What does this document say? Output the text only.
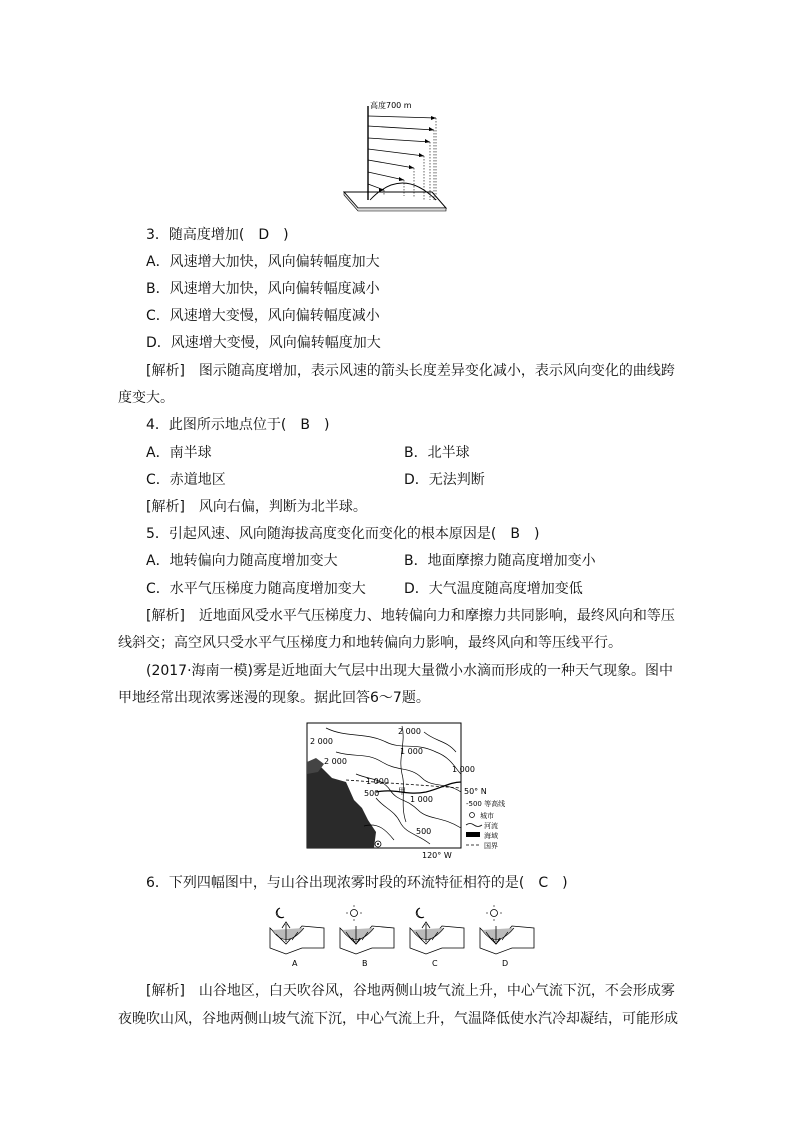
高度700 m
3．随高度增加(　D　)
A．风速增大加快，风向偏转幅度加大
B．风速增大加快，风向偏转幅度减小
C．风速增大变慢，风向偏转幅度减小
D．风速增大变慢，风向偏转幅度加大
[解析]　图示随高度增加，表示风速的箭头长度差异变化减小，表示风向变化的曲线跨
度变大。
4．此图所示地点位于(　B　)
A．南半球	B．北半球
C．赤道地区	D．无法判断
[解析]　风向右偏，判断为北半球。
5．引起风速、风向随海拔高度变化而变化的根本原因是(　B　)
A．地转偏向力随高度增加变大	B．地面摩擦力随高度增加变小
C．水平气压梯度力随高度增加变大	D．大气温度随高度增加变低
[解析]　近地面风受水平气压梯度力、地转偏向力和摩擦力共同影响，最终风向和等压
线斜交；高空风只受水平气压梯度力和地转偏向力影响，最终风向和等压线平行。
(2017·海南一模)雾是近地面大气层中出现大量微小水滴而形成的一种天气现象。图中
甲地经常出现浓雾迷漫的现象。据此回答6～7题。
2 000
2 000
2 000
1 000
1 000
1 000
500
500
1 000
甲	50° N
120° W
-500 等高线
城市
河流
海域
国界
6．下列四幅图中，与山谷出现浓雾时段的环流特征相符的是(　C　)
A	B	C	D
[解析]　山谷地区，白天吹谷风，谷地两侧山坡气流上升，中心气流下沉，不会形成雾
夜晚吹山风，谷地两侧山坡气流下沉，中心气流上升，气温降低使水汽冷却凝结，可能形成
